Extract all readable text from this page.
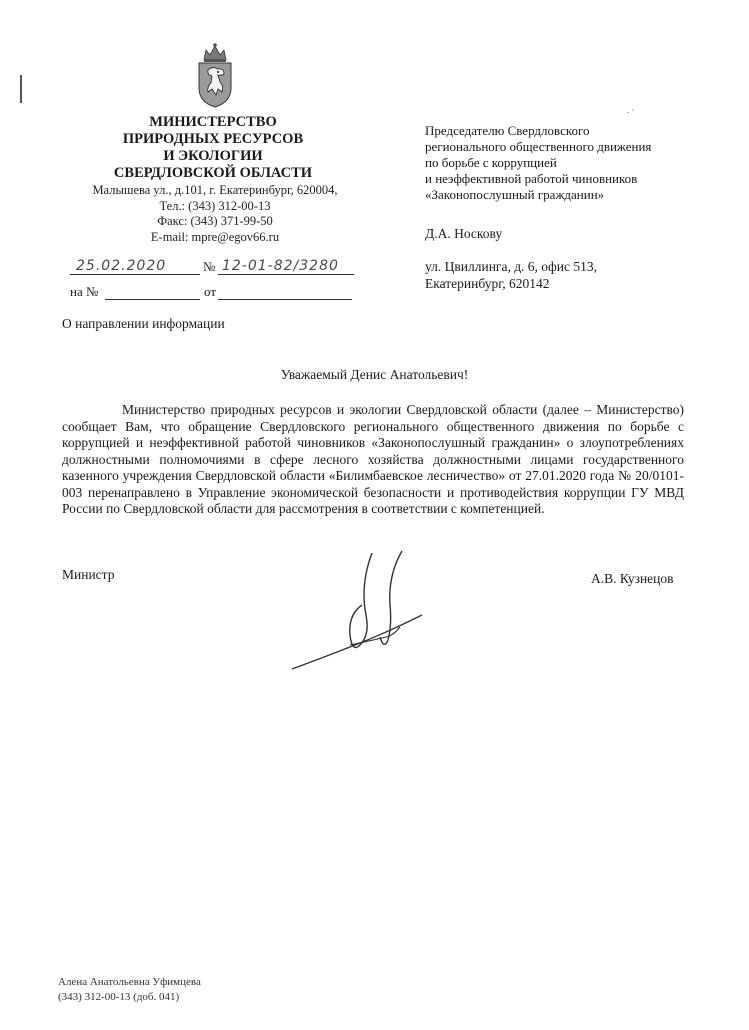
. ·
МИНИСТЕРСТВО
ПРИРОДНЫХ РЕСУРСОВ
И ЭКОЛОГИИ
СВЕРДЛОВСКОЙ ОБЛАСТИ
Малышева ул., д.101, г. Екатеринбург, 620004,
Тел.: (343) 312-00-13
Факс: (343) 371-99-50
E-mail: mpre@egov66.ru
25.02.2020	№ 12-01-82/3280
на №	от
Председателю Свердловского
регионального общественного движения
по борьбе с коррупцией
и неэффективной работой чиновников
«Законопослушный гражданин»
Д.А. Носкову
ул. Цвиллинга, д. 6, офис 513,
Екатеринбург, 620142
О направлении информации
Уважаемый Денис Анатольевич!
Министерство природных ресурсов и экологии Свердловской области (далее – Министерство) сообщает Вам, что обращение Свердловского регионального общественного движения по борьбе с коррупцией и неэффективной работой чиновников «Законопослушный гражданин» о злоупотреблениях должностными полномочиями в сфере лесного хозяйства должностными лицами государственного казенного учреждения Свердловской области «Билимбаевское лесничество» от 27.01.2020 года № 20/0101-003 перенаправлено в Управление экономической безопасности и противодействия коррупции ГУ МВД России по Свердловской области для рассмотрения в соответствии с компетенцией.
Министр	А.В. Кузнецов
Алена Анатольевна Уфимцева
(343) 312-00-13 (доб. 041)
